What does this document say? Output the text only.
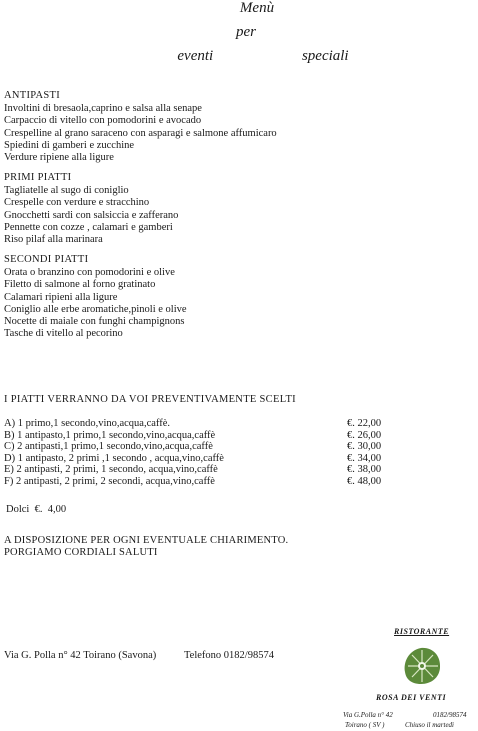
Menù
per
eventi     speciali
ANTIPASTI
Involtini di bresaola,caprino e salsa alla senape
Carpaccio di vitello con pomodorini e avocado
Crespelline al grano saraceno con asparagi e salmone affumicaro
Spiedini di gamberi e zucchine
Verdure ripiene alla ligure
PRIMI PIATTI
Tagliatelle al sugo di coniglio
Crespelle con verdure e stracchino
Gnocchetti sardi con salsiccia e zafferano
Pennette con cozze , calamari e gamberi
Riso pilaf alla marinara
SECONDI PIATTI
Orata o branzino con pomodorini e olive
Filetto di salmone al forno gratinato
Calamari ripieni alla ligure
Coniglio alle erbe aromatiche,pinoli e olive
Nocette di maiale con funghi champignons
Tasche di vitello al pecorino
I PIATTI VERRANNO DA VOI PREVENTIVAMENTE SCELTI
A) 1 primo,1 secondo,vino,acqua,caffè.	€. 22,00
B) 1 antipasto,1 primo,1 secondo,vino,acqua,caffè	€. 26,00
C) 2 antipasti,1 primo,1 secondo,vino,acqua,caffè	€. 30,00
D) 1 antipasto, 2 primi ,1 secondo , acqua,vino,caffè	€. 34,00
E) 2 antipasti, 2 primi, 1 secondo, acqua,vino,caffè	€. 38,00
F) 2 antipasti, 2 primi, 2 secondi, acqua,vino,caffè	€. 48,00
Dolci  €.  4,00
A DISPOSIZIONE PER OGNI EVENTUALE CHIARIMENTO.
PORGIAMO CORDIALI SALUTI
Via G. Polla n° 42 Toirano (Savona)	Telefono 0182/98574
RISTORANTE
ROSA DEI VENTI
Via G.Polla n° 42
Toirano ( SV )
0182/98574
Chiuso il martedì
